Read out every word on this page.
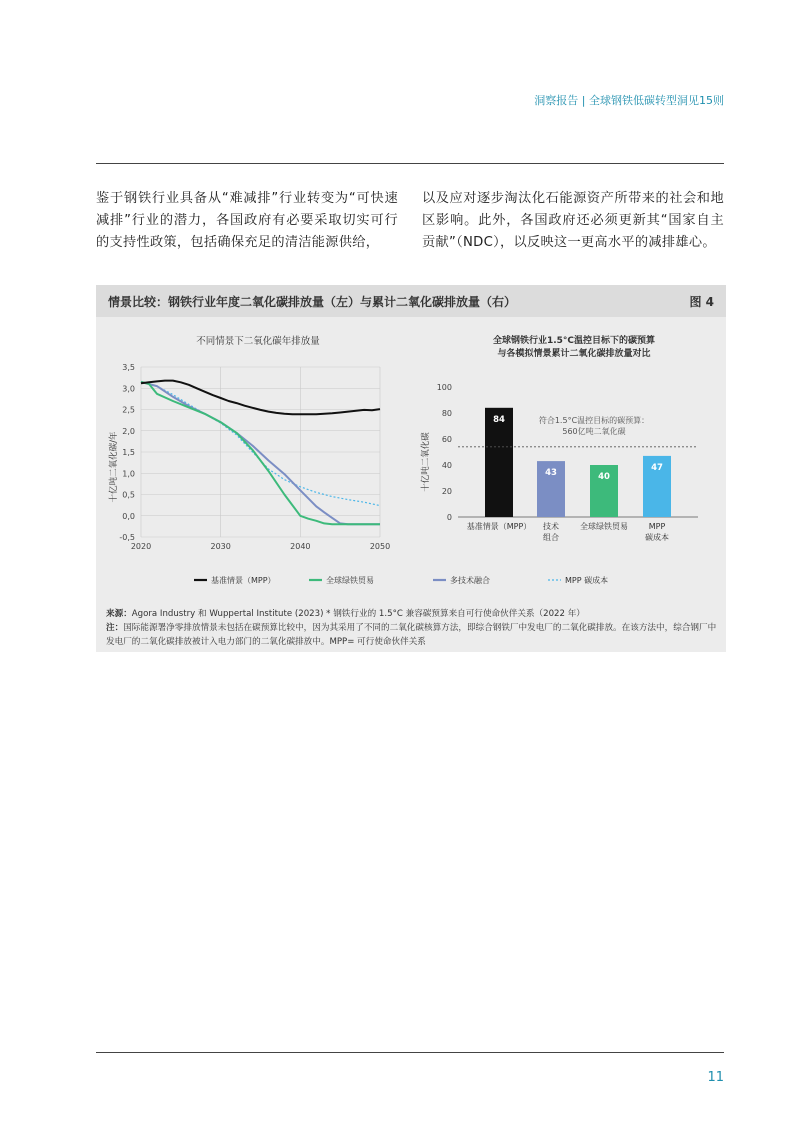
洞察报告 | 全球钢铁低碳转型洞见15则
鉴于钢铁行业具备从“难减排”行业转变为“可快速减排”行业的潜力，各国政府有必要采取切实可行的支持性政策，包括确保充足的清洁能源供给，
以及应对逐步淘汰化石能源资产所带来的社会和地区影响。此外，各国政府还必须更新其“国家自主贡献”（NDC），以反映这一更高水平的减排雄心。
情景比较：钢铁行业年度二氧化碳排放量（左）与累计二氧化碳排放量（右）	图 4
不同情景下二氧化碳年排放量
十亿吨二氧化碳/年
全球钢铁行业1.5°C温控目标下的碳预算
与各模拟情景累计二氧化碳排放量对比
十亿吨二氧化碳
符合1.5°C温控目标的碳预算：
560亿吨二氧化碳
3,5
3,0
2,5
2,0
1,5
1,0
0,5
0,0
-0,5
2020	2030	2040	2050
100
80
60
40
20
0
84
基准情景（MPP）
43
技术
组合
40
全球绿铁贸易
47
MPP
碳成本
基准情景（MPP）	全球绿铁贸易	多技术融合	MPP 碳成本
来源：Agora Industry 和 Wuppertal Institute (2023) * 钢铁行业的 1.5°C 兼容碳预算来自可行使命伙伴关系（2022 年）
注：国际能源署净零排放情景未包括在碳预算比较中，因为其采用了不同的二氧化碳核算方法，即综合钢铁厂中发电厂的二氧化碳排放。在该方法中，综合钢厂中发电厂的二氧化碳排放被计入电力部门的二氧化碳排放中。MPP= 可行使命伙伴关系
11
